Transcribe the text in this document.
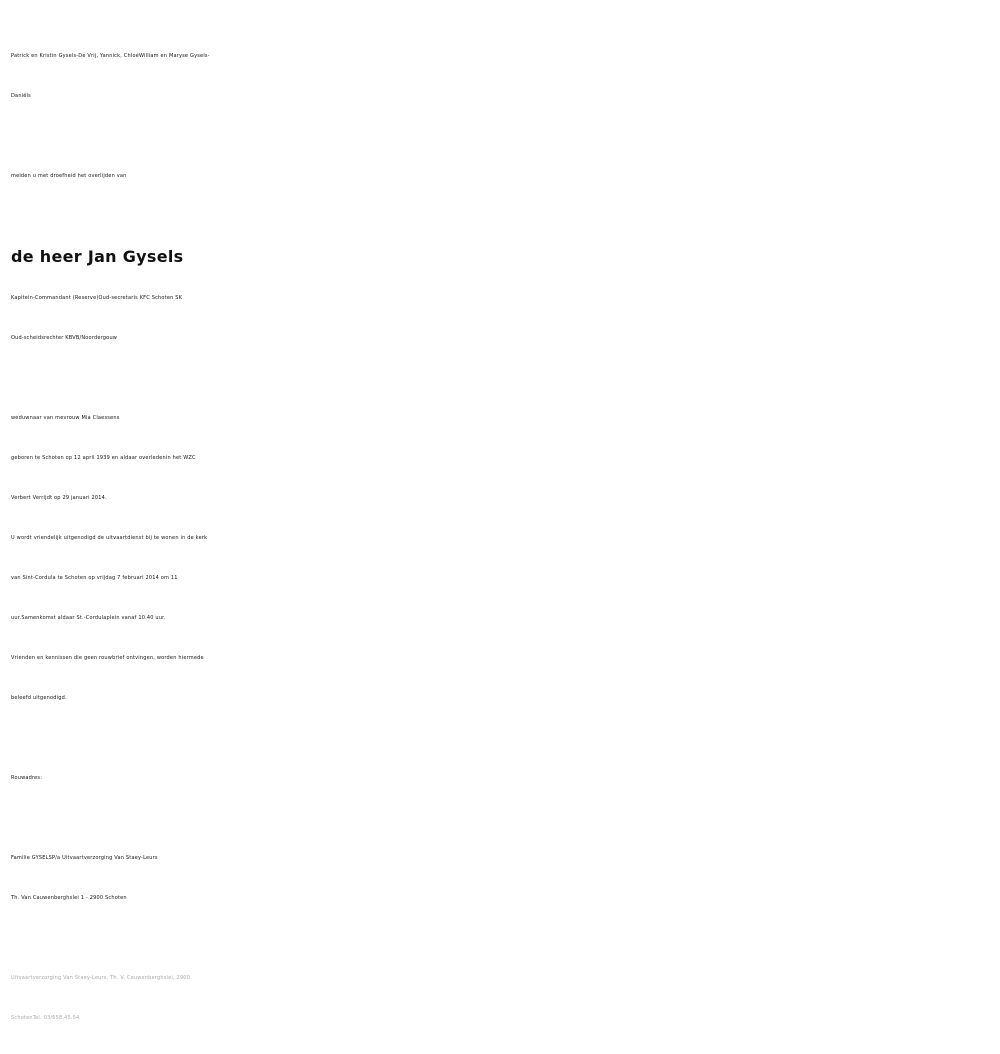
Patrick en Kristin Gysels-De Vrij, Yannick, ChloéWilliam en Maryse Gysels-
Daniëls
melden u met droefheid het overlijden van
de heer Jan Gysels
Kapitein-Commandant (Reserve)Oud-secretaris KFC Schoten SK
Oud-scheidsrechter KBVB/Noordergouw
weduwnaar van mevrouw Mia Claessens
geboren te Schoten op 12 april 1939 en aldaar overledenin het WZC
Verbert Verrijdt op 29 januari 2014.
U wordt vriendelijk uitgenodigd de uitvaartdienst bij te wonen in de kerk
van Sint-Cordula te Schoten op vrijdag 7 februari 2014 om 11
uur.Samenkomst aldaar St.-Cordulaplein vanaf 10.40 uur.
Vrienden en kennissen die geen rouwbrief ontvingen, worden hiermede
beleefd uitgenodigd.
Rouwadres:
Familie GYSELSP/a Uitvaartverzorging Van Staey-Leurs
Th. Van Cauwenberghslei 1 - 2900 Schoten
Uitvaartverzorging Van Staey-Leurs, Th. V. Cauwenberghslei, 2900
SchotenTel. 03/658.45.54
